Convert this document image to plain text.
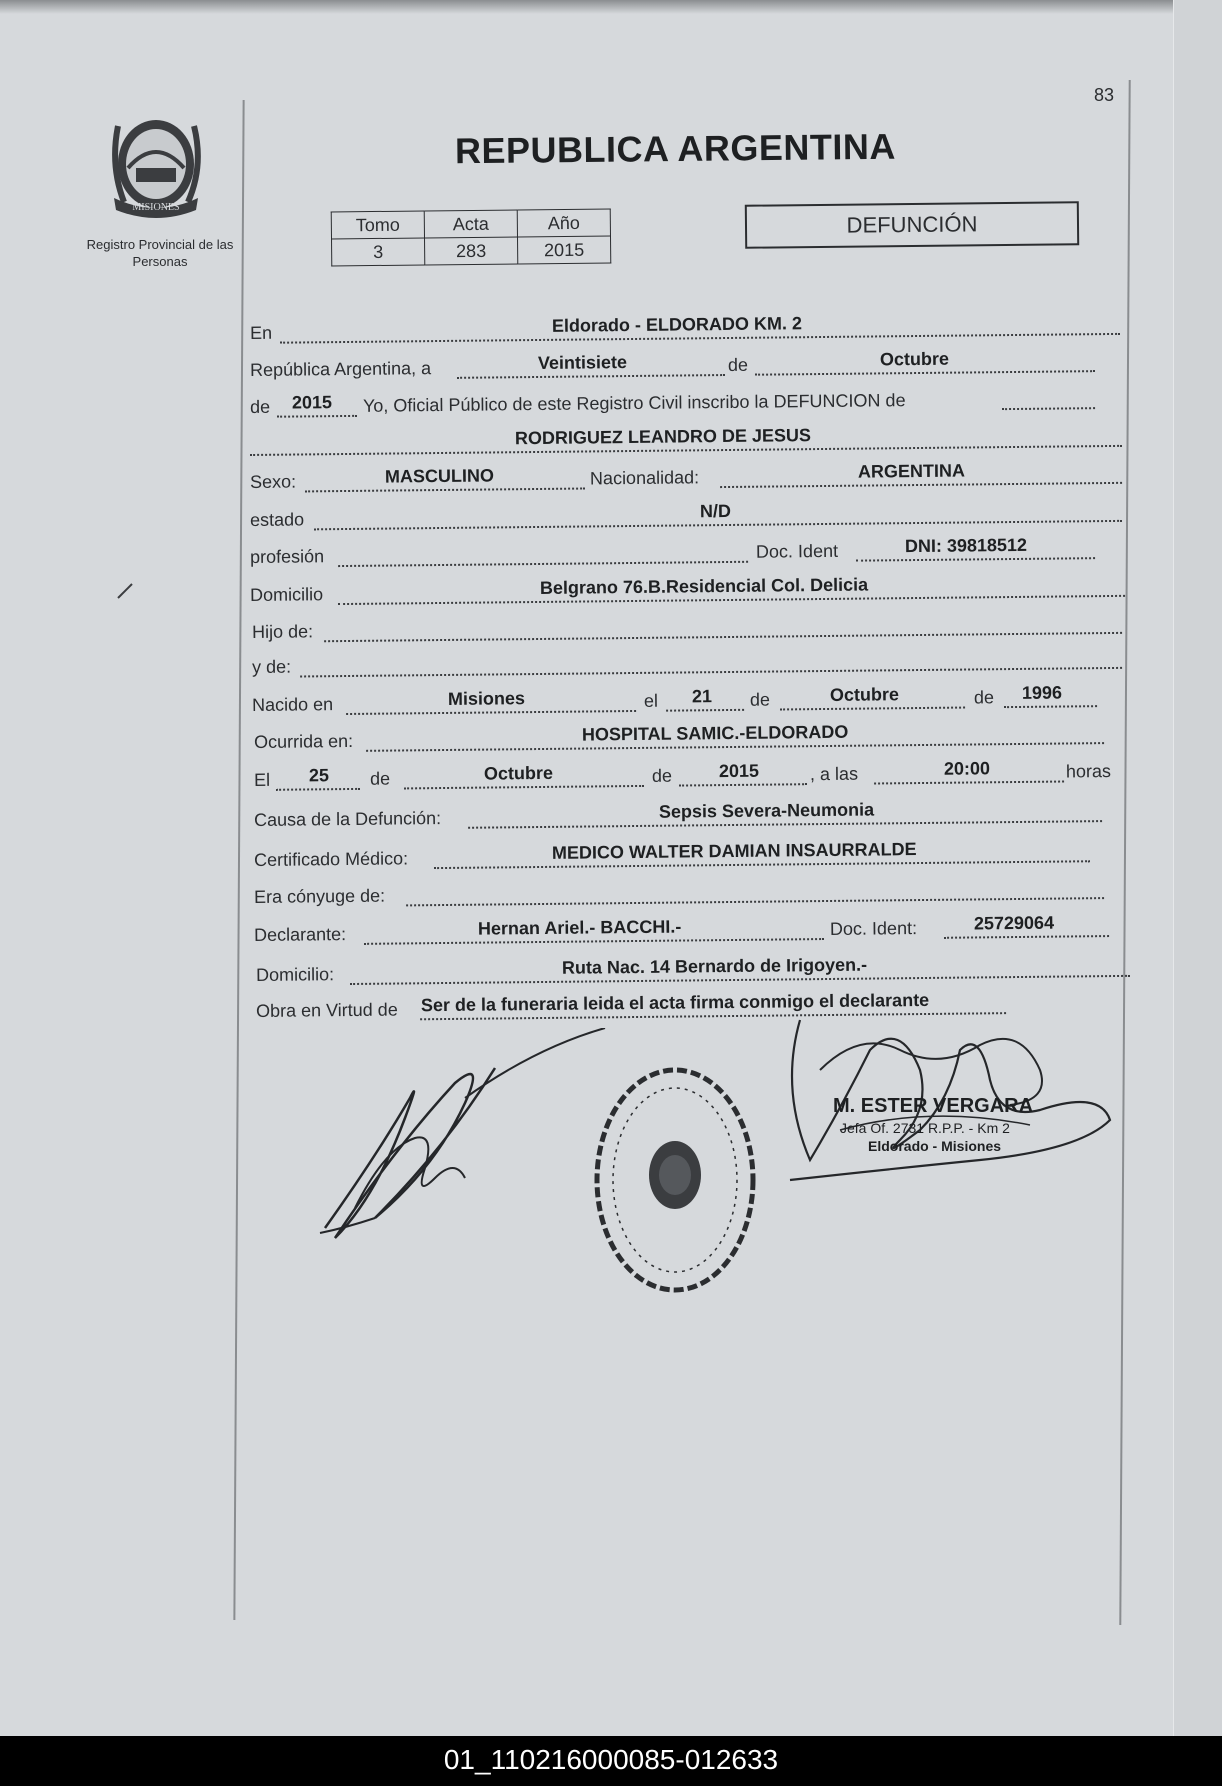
83
MISIONES
Registro Provincial de las Personas
REPUBLICA ARGENTINA
Tomo	Acta	Año
3	283	2015
DEFUNCIÓN
En	Eldorado - ELDORADO KM. 2
República Argentina, a	Veintisiete	de	Octubre
de 2015 Yo, Oficial Público de este Registro Civil inscribo la DEFUNCION de
RODRIGUEZ LEANDRO DE JESUS
Sexo:	MASCULINO	Nacionalidad:	ARGENTINA
estado	N/D
profesión	Doc. Ident	DNI: 39818512
Domicilio	Belgrano 76.B.Residencial Col. Delicia
Hijo de:
y de:
Nacido en	Misiones	el 21 de	Octubre	de 1996
Ocurrida en:	HOSPITAL SAMIC.-ELDORADO
El 25 de	Octubre	de	2015	, a las	20:00	horas
Causa de la Defunción:	Sepsis Severa-Neumonia
Certificado Médico:	MEDICO WALTER DAMIAN INSAURRALDE
Era cónyuge de:
Declarante:	Hernan Ariel.- BACCHI.-	Doc. Ident:	25729064
Domicilio:	Ruta Nac. 14 Bernardo de Irigoyen.-
Obra en Virtud de Ser de la funeraria leida el acta firma conmigo el declarante
M. ESTER VERGARA
Jefa Of. 2731 R.P.P. - Km 2
Eldorado - Misiones
01_110216000085-012633
